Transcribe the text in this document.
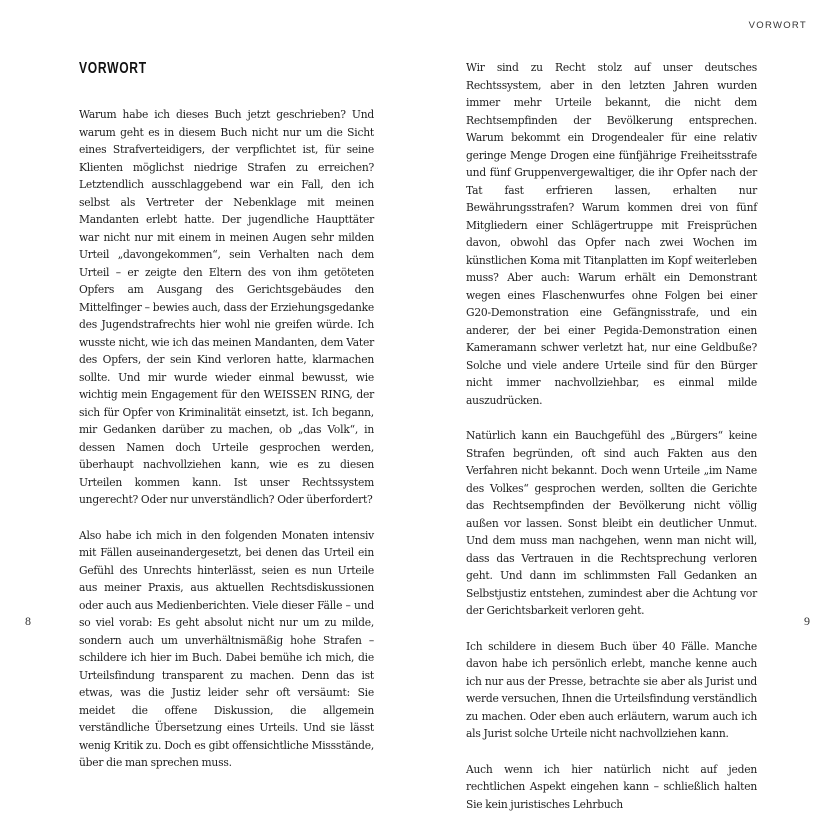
VORWORT

Warum habe ich dieses Buch jetzt geschrieben? Und warum geht es in diesem Buch nicht nur um die Sicht eines Strafverteidigers, der verpflichtet ist, für seine Klienten möglichst niedrige Strafen zu erreichen? Letztendlich ausschlaggebend war ein Fall, den ich selbst als Vertreter der Nebenklage mit meinen Mandanten erlebt hatte. Der jugendliche Haupttäter war nicht nur mit einem in meinen Augen sehr milden Urteil „davongekommen“, sein Verhalten nach dem Urteil – er zeigte den Eltern des von ihm getöteten Opfers am Ausgang des Gerichtsgebäudes den Mittelfinger – bewies auch, dass der Erziehungsgedanke des Jugendstrafrechts hier wohl nie greifen würde. Ich wusste nicht, wie ich das meinen Mandanten, dem Vater des Opfers, der sein Kind verloren hatte, klarmachen sollte. Und mir wurde wieder einmal bewusst, wie wichtig mein Engagement für den WEISSEN RING, der sich für Opfer von Kriminalität einsetzt, ist. Ich begann, mir Gedanken darüber zu machen, ob „das Volk“, in dessen Namen doch Urteile gesprochen werden, überhaupt nachvollziehen kann, wie es zu diesen Urteilen kommen kann. Ist unser Rechtssystem ungerecht? Oder nur unverständlich? Oder überfordert?

Also habe ich mich in den folgenden Monaten intensiv mit Fällen auseinandergesetzt, bei denen das Urteil ein Gefühl des Unrechts hinterlässt, seien es nun Urteile aus meiner Praxis, aus aktuellen Rechtsdiskussionen oder auch aus Medienberichten. Viele dieser Fälle – und so viel vorab: Es geht absolut nicht nur um zu milde, sondern auch um unverhältnismäßig hohe Strafen – schildere ich hier im Buch. Dabei bemühe ich mich, die Urteilsfindung transparent zu machen. Denn das ist etwas, was die Justiz leider sehr oft versäumt: Sie meidet die offene Diskussion, die allgemein verständliche Übersetzung eines Urteils. Und sie lässt wenig Kritik zu. Doch es gibt offensichtliche Missstände, über die man sprechen muss.

8
VORWORT

Wir sind zu Recht stolz auf unser deutsches Rechtssystem, aber in den letzten Jahren wurden immer mehr Urteile bekannt, die nicht dem Rechtsempfinden der Bevölkerung entsprechen. Warum bekommt ein Drogendealer für eine relativ geringe Menge Drogen eine fünfjährige Freiheitsstrafe und fünf Gruppenvergewaltiger, die ihr Opfer nach der Tat fast erfrieren lassen, erhalten nur Bewährungsstrafen? Warum kommen drei von fünf Mitgliedern einer Schlägertruppe mit Freisprüchen davon, obwohl das Opfer nach zwei Wochen im künstlichen Koma mit Titanplatten im Kopf weiterleben muss? Aber auch: Warum erhält ein Demonstrant wegen eines Flaschenwurfes ohne Folgen bei einer G20-Demonstration eine Gefängnisstrafe, und ein anderer, der bei einer Pegida-Demonstration einen Kameramann schwer verletzt hat, nur eine Geldbuße? Solche und viele andere Urteile sind für den Bürger nicht immer nachvollziehbar, es einmal milde auszudrücken.

Natürlich kann ein Bauchgefühl des „Bürgers“ keine Strafen begründen, oft sind auch Fakten aus den Verfahren nicht bekannt. Doch wenn Urteile „im Name des Volkes“ gesprochen werden, sollten die Gerichte das Rechtsempfinden der Bevölkerung nicht völlig außen vor lassen. Sonst bleibt ein deutlicher Unmut. Und dem muss man nachgehen, wenn man nicht will, dass das Vertrauen in die Rechtsprechung verloren geht. Und dann im schlimmsten Fall Gedanken an Selbstjustiz entstehen, zumindest aber die Achtung vor der Gerichtsbarkeit verloren geht.

Ich schildere in diesem Buch über 40 Fälle. Manche davon habe ich persönlich erlebt, manche kenne auch ich nur aus der Presse, betrachte sie aber als Jurist und werde versuchen, Ihnen die Urteilsfindung verständlich zu machen. Oder eben auch erläutern, warum auch ich als Jurist solche Urteile nicht nachvollziehen kann.

Auch wenn ich hier natürlich nicht auf jeden rechtlichen Aspekt eingehen kann – schließlich halten Sie kein juristisches Lehrbuch

9
